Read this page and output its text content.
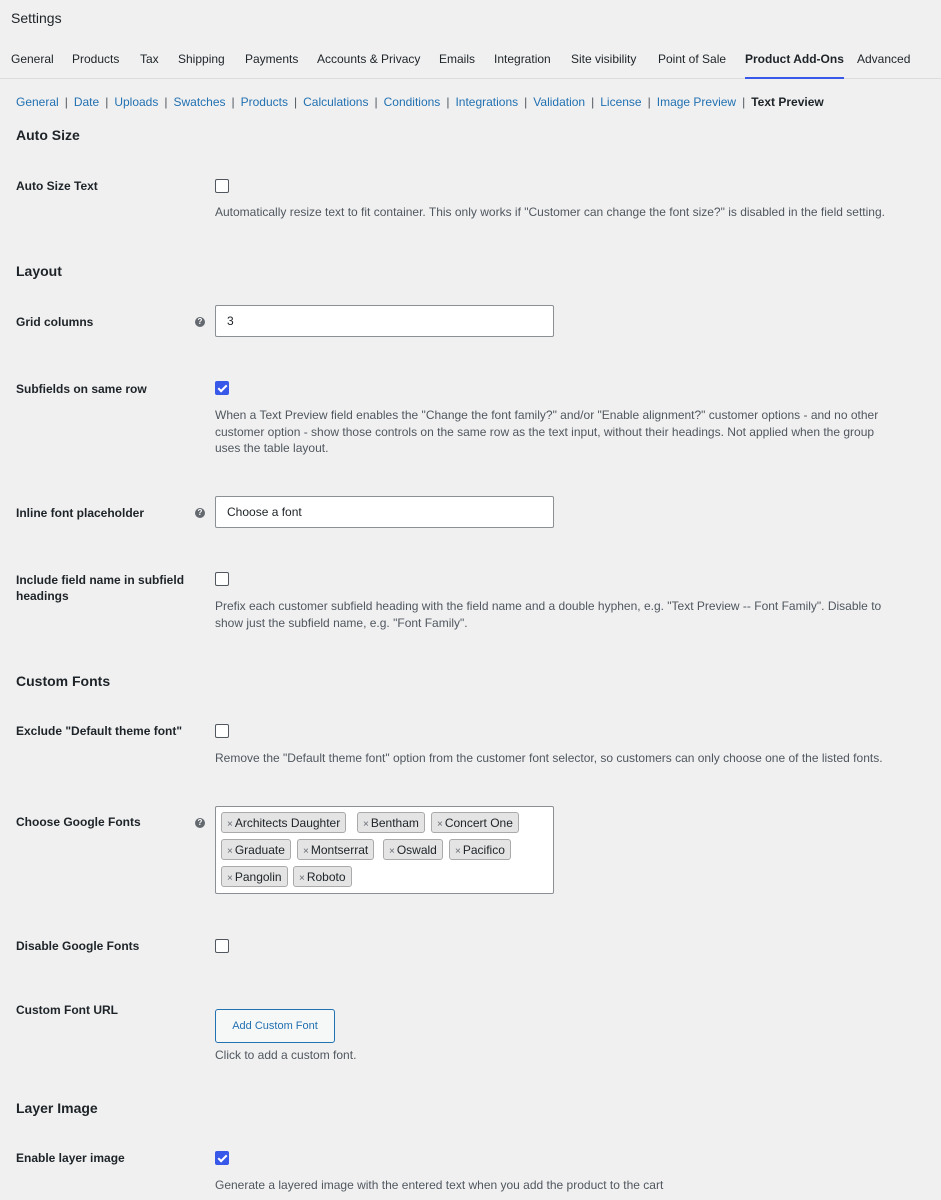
Settings
General Products Tax Shipping Payments Accounts & Privacy Emails Integration Site visibility Point of Sale Product Add-Ons Advanced
General | Date | Uploads | Swatches | Products | Calculations | Conditions | Integrations | Validation | License | Image Preview | Text Preview
Auto Size
Auto Size Text
Automatically resize text to fit container. This only works if "Customer can change the font size?" is disabled in the field setting.
Layout
Grid columns	?
3
Subfields on same row
When a Text Preview field enables the "Change the font family?" and/or "Enable alignment?" customer options - and no other
customer option - show those controls on the same row as the text input, without their headings. Not applied when the group
uses the table layout.
Inline font placeholder	?
Choose a font
Include field name in subfield
headings
Prefix each customer subfield heading with the field name and a double hyphen, e.g. "Text Preview -- Font Family". Disable to
show just the subfield name, e.g. "Font Family".
Custom Fonts
Exclude "Default theme font"
Remove the "Default theme font" option from the customer font selector, so customers can only choose one of the listed fonts.
Choose Google Fonts	?	× Architects Daughter	× Bentham	× Concert One
× Graduate	× Montserrat	× Oswald	× Pacifico
× Pangolin	× Roboto
Disable Google Fonts
Custom Font URL
Add Custom Font
Click to add a custom font.
Layer Image
Enable layer image
Generate a layered image with the entered text when you add the product to the cart
